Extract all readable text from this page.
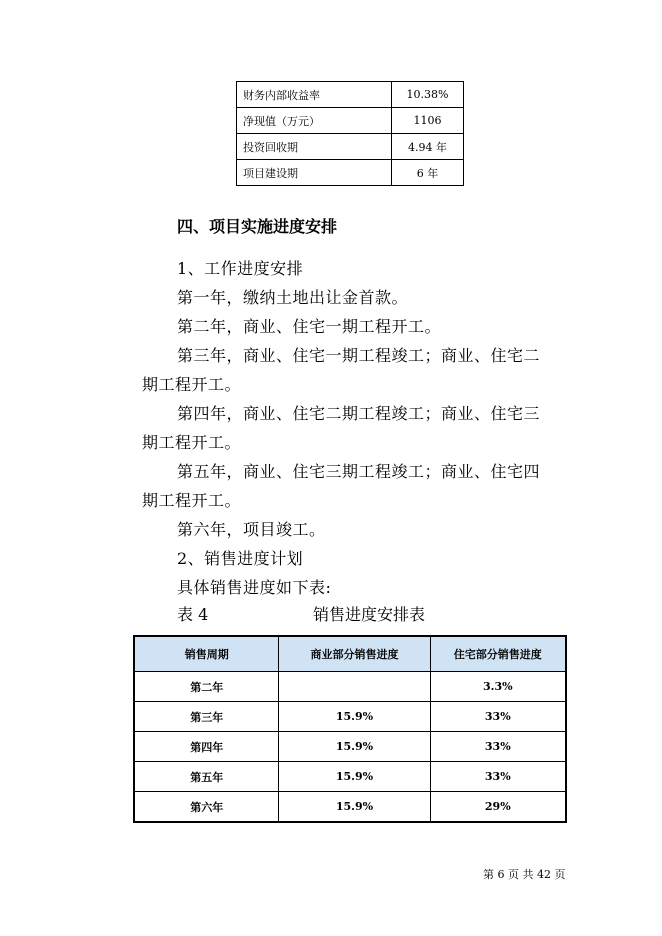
财务内部收益率	10.38%
净现值（万元）	1106
投资回收期	4.94 年
项目建设期	6 年
四、项目实施进度安排

1、工作进度安排

第一年，缴纳土地出让金首款。

第二年，商业、住宅一期工程开工。

第三年，商业、住宅一期工程竣工；商业、住宅二期工程开工。

第四年，商业、住宅二期工程竣工；商业、住宅三期工程开工。

第五年，商业、住宅三期工程竣工；商业、住宅四期工程开工。

第六年，项目竣工。

2、销售进度计划

具体销售进度如下表:

表 4	销售进度安排表
销售周期	商业部分销售进度	住宅部分销售进度
第二年		3.3%
第三年	15.9%	33%
第四年	15.9%	33%
第五年	15.9%	33%
第六年	15.9%	29%
第 6 页 共 42 页
